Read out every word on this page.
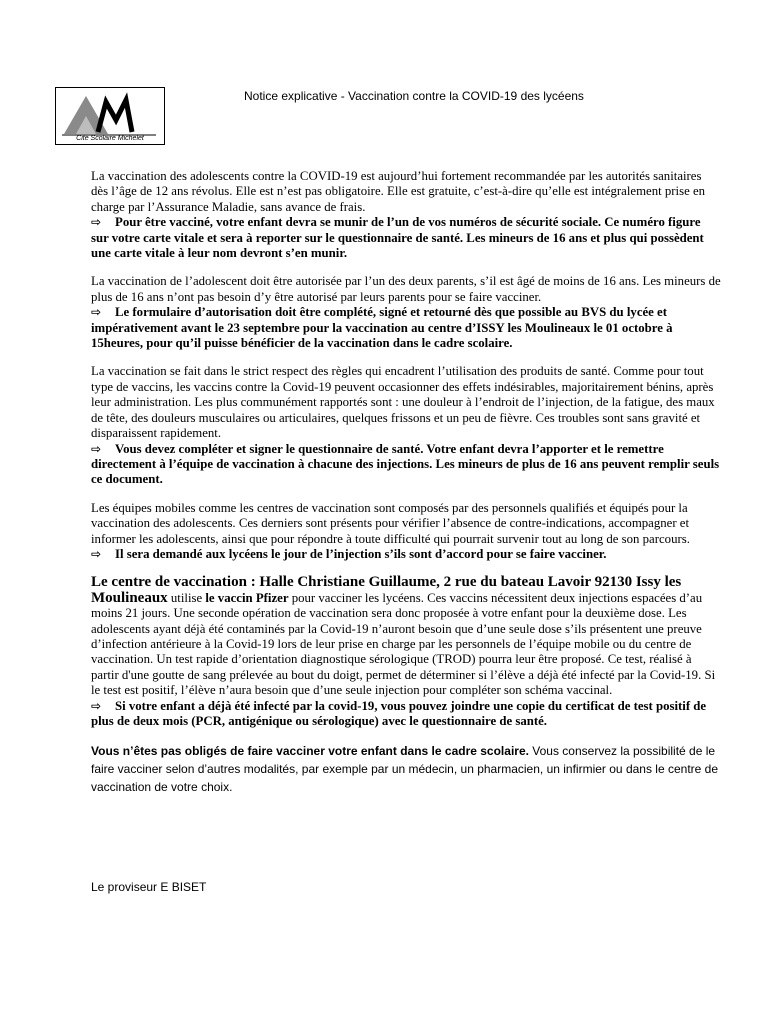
Cité Scolaire Michelet
Notice explicative - Vaccination contre la COVID-19 des lycéens

La vaccination des adolescents contre la COVID-19 est aujourd’hui fortement recommandée par les autorités sanitaires dès l’âge de 12 ans révolus. Elle est n’est pas obligatoire. Elle est gratuite, c’est-à-dire qu’elle est intégralement prise en charge par l’Assurance Maladie, sans avance de frais.

⇨ Pour être vacciné, votre enfant devra se munir de l’un de vos numéros de sécurité sociale. Ce numéro figure sur votre carte vitale et sera à reporter sur le questionnaire de santé. Les mineurs de 16 ans et plus qui possèdent une carte vitale à leur nom devront s’en munir.

La vaccination de l’adolescent doit être autorisée par l’un des deux parents, s’il est âgé de moins de 16 ans. Les mineurs de plus de 16 ans n’ont pas besoin d’y être autorisé par leurs parents pour se faire vacciner.

⇨ Le formulaire d’autorisation doit être complété, signé et retourné dès que possible au BVS du lycée et impérativement avant le 23 septembre pour la vaccination au centre d’ISSY les Moulineaux le 01 octobre à 15heures, pour qu’il puisse bénéficier de la vaccination dans le cadre scolaire.

La vaccination se fait dans le strict respect des règles qui encadrent l’utilisation des produits de santé. Comme pour tout type de vaccins, les vaccins contre la Covid-19 peuvent occasionner des effets indésirables, majoritairement bénins, après leur administration. Les plus communément rapportés sont : une douleur à l’endroit de l’injection, de la fatigue, des maux de tête, des douleurs musculaires ou articulaires, quelques frissons et un peu de fièvre. Ces troubles sont sans gravité et disparaissent rapidement.

⇨ Vous devez compléter et signer le questionnaire de santé. Votre enfant devra l’apporter et le remettre directement à l’équipe de vaccination à chacune des injections. Les mineurs de plus de 16 ans peuvent remplir seuls ce document.

Les équipes mobiles comme les centres de vaccination sont composés par des personnels qualifiés et équipés pour la vaccination des adolescents. Ces derniers sont présents pour vérifier l’absence de contre-indications, accompagner et informer les adolescents, ainsi que pour répondre à toute difficulté qui pourrait survenir tout au long de son parcours.

⇨ Il sera demandé aux lycéens le jour de l’injection s’ils sont d’accord pour se faire vacciner.

Le centre de vaccination : Halle Christiane Guillaume, 2 rue du bateau Lavoir 92130 Issy les Moulineaux utilise le vaccin Pfizer pour vacciner les lycéens. Ces vaccins nécessitent deux injections espacées d’au moins 21 jours. Une seconde opération de vaccination sera donc proposée à votre enfant pour la deuxième dose. Les adolescents ayant déjà été contaminés par la Covid-19 n’auront besoin que d’une seule dose s’ils présentent une preuve d’infection antérieure à la Covid-19 lors de leur prise en charge par les personnels de l’équipe mobile ou du centre de vaccination. Un test rapide d’orientation diagnostique sérologique (TROD) pourra leur être proposé. Ce test, réalisé à partir d'une goutte de sang prélevée au bout du doigt, permet de déterminer si l’élève a déjà été infecté par la Covid-19. Si le test est positif, l’élève n’aura besoin que d’une seule injection pour compléter son schéma vaccinal.

⇨ Si votre enfant a déjà été infecté par la covid-19, vous pouvez joindre une copie du certificat de test positif de plus de deux mois (PCR, antigénique ou sérologique) avec le questionnaire de santé.

Vous n’êtes pas obligés de faire vacciner votre enfant dans le cadre scolaire. Vous conservez la possibilité de le faire vacciner selon d’autres modalités, par exemple par un médecin, un pharmacien, un infirmier ou dans le centre de vaccination de votre choix.

Le proviseur E BISET
